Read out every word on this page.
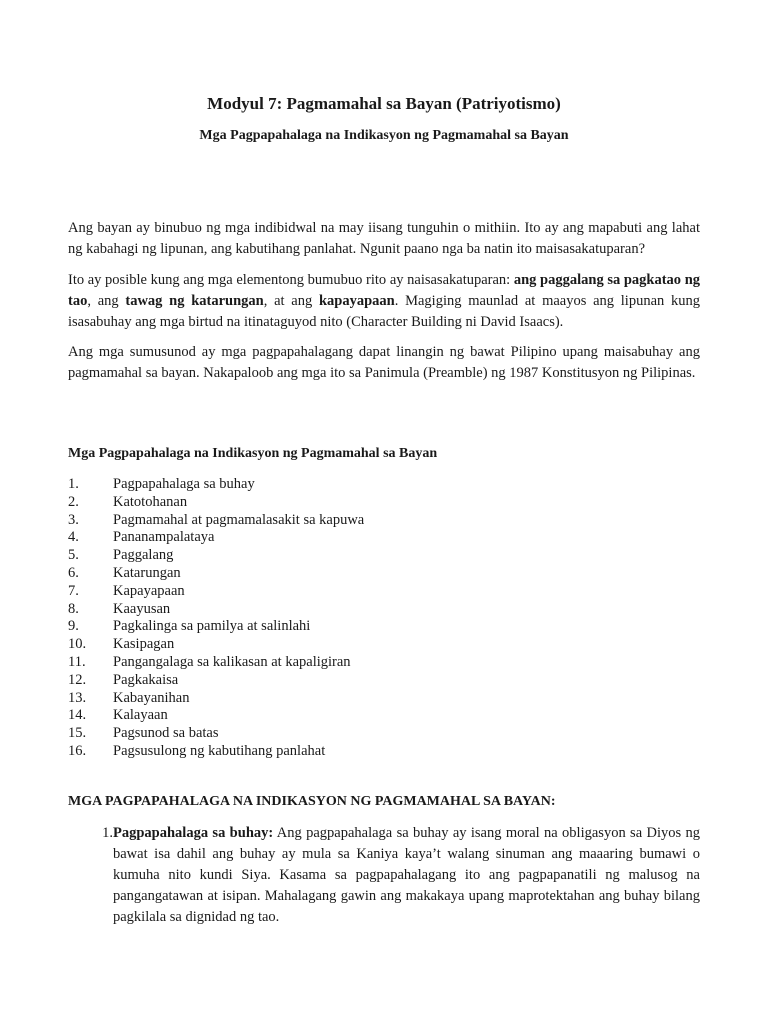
Modyul 7: Pagmamahal sa Bayan (Patriyotismo)
Mga Pagpapahalaga na Indikasyon ng Pagmamahal sa Bayan

Ang bayan ay binubuo ng mga indibidwal na may iisang tunguhin o mithiin. Ito ay ang mapabuti ang lahat ng kabahagi ng lipunan, ang kabutihang panlahat. Ngunit paano nga ba natin ito maisasakatuparan?

Ito ay posible kung ang mga elementong bumubuo rito ay naisasakatuparan: ang paggalang sa pagkatao ng tao, ang tawag ng katarungan, at ang kapayapaan. Magiging maunlad at maayos ang lipunan kung isasabuhay ang mga birtud na itinataguyod nito (Character Building ni David Isaacs).

Ang mga sumusunod ay mga pagpapahalagang dapat linangin ng bawat Pilipino upang maisabuhay ang pagmamahal sa bayan. Nakapaloob ang mga ito sa Panimula (Preamble) ng 1987 Konstitusyon ng Pilipinas.

Mga Pagpapahalaga na Indikasyon ng Pagmamahal sa Bayan
1.	Pagpapahalaga sa buhay
2.	Katotohanan
3.	Pagmamahal at pagmamalasakit sa kapuwa
4.	Pananampalataya
5.	Paggalang
6.	Katarungan
7.	Kapayapaan
8.	Kaayusan
9.	Pagkalinga sa pamilya at salinlahi
10.	Kasipagan
11.	Pangangalaga sa kalikasan at kapaligiran
12.	Pagkakaisa
13.	Kabayanihan
14.	Kalayaan
15.	Pagsunod sa batas
16.	Pagsusulong ng kabutihang panlahat
MGA PAGPAPAHALAGA NA INDIKASYON NG PAGMAMAHAL SA BAYAN:
1. Pagpapahalaga sa buhay: Ang pagpapahalaga sa buhay ay isang moral na obligasyon sa Diyos ng bawat isa dahil ang buhay ay mula sa Kaniya kaya’t walang sinuman ang maaaring bumawi o kumuha nito kundi Siya. Kasama sa pagpapahalagang ito ang pagpapanatili ng malusog na pangangatawan at isipan. Mahalagang gawin ang makakaya upang maprotektahan ang buhay bilang pagkilala sa dignidad ng tao.
